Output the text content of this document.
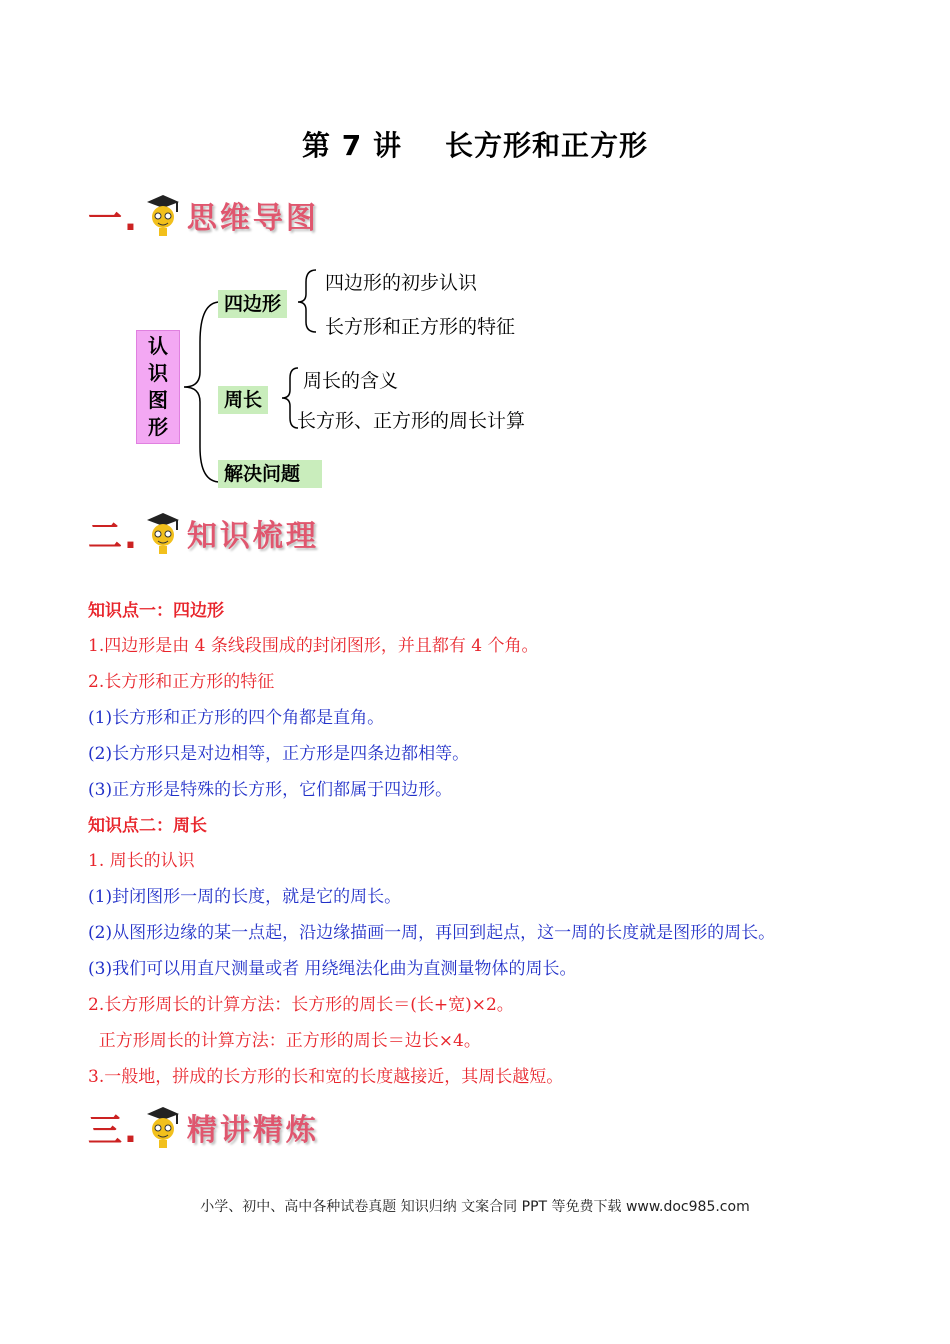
第 7 讲    长方形和正方形
一. 思维导图
认
识
图
形
四边形
四边形的初步认识
长方形和正方形的特征
周长
周长的含义
长方形、正方形的周长计算
解决问题
二. 知识梳理
知识点一：四边形
1.四边形是由 4 条线段围成的封闭图形，并且都有 4 个角。
2.长方形和正方形的特征
(1)长方形和正方形的四个角都是直角。
(2)长方形只是对边相等，正方形是四条边都相等。
(3)正方形是特殊的长方形，它们都属于四边形。
知识点二：周长
1. 周长的认识
(1)封闭图形一周的长度，就是它的周长。
(2)从图形边缘的某一点起，沿边缘描画一周，再回到起点，这一周的长度就是图形的周长。
(3)我们可以用直尺测量或者 用绕绳法化曲为直测量物体的周长。
2.长方形周长的计算方法：长方形的周长＝(长+宽)×2。
正方形周长的计算方法：正方形的周长＝边长×4。
3.一般地，拼成的长方形的长和宽的长度越接近，其周长越短。
三. 精讲精炼
小学、初中、高中各种试卷真题 知识归纳 文案合同 PPT 等免费下载 www.doc985.com
